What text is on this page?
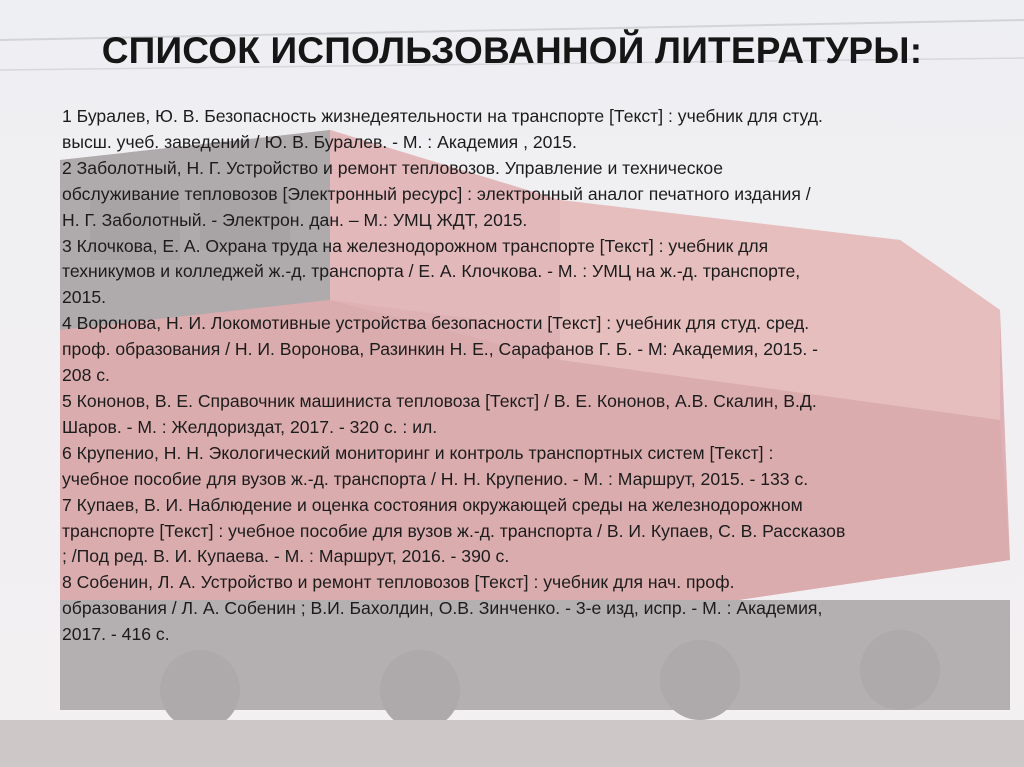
СПИСОК ИСПОЛЬЗОВАННОЙ ЛИТЕРАТУРЫ:
1 Буралев, Ю. В. Безопасность жизнедеятельности на транспорте [Текст] : учебник для студ.
высш. учеб. заведений / Ю. В. Буралев. - М. : Академия , 2015.
2 Заболотный, Н. Г. Устройство и ремонт тепловозов. Управление и техническое
обслуживание тепловозов [Электронный ресурс] : электронный аналог печатного издания /
Н. Г. Заболотный. - Электрон. дан. – М.: УМЦ ЖДТ, 2015.
3 Клочкова, Е. А. Охрана труда на железнодорожном транспорте [Текст] : учебник для
техникумов и колледжей ж.-д. транспорта / Е. А. Клочкова. - М. : УМЦ на ж.-д. транспорте,
2015.
4 Воронова, Н. И. Локомотивные устройства безопасности [Текст] : учебник для студ. сред.
проф. образования / Н. И. Воронова, Разинкин Н. Е., Сарафанов Г. Б. - М: Академия, 2015. -
208 с.
5 Кононов, В. Е. Справочник машиниста тепловоза [Текст] / В. Е. Кононов, А.В. Скалин, В.Д.
Шаров. - М. : Желдориздат, 2017. - 320 с. : ил.
6 Крупенио, Н. Н. Экологический мониторинг и контроль транспортных систем [Текст] :
учебное пособие для вузов ж.-д. транспорта / Н. Н. Крупенио. - М. : Маршрут, 2015. - 133 с.
7 Купаев, В. И. Наблюдение и оценка состояния окружающей среды на железнодорожном
транспорте [Текст] : учебное пособие для вузов ж.-д. транспорта / В. И. Купаев, С. В. Рассказов
; /Под ред. В. И. Купаева. - М. : Маршрут, 2016. - 390 с.
8 Собенин, Л. А. Устройство и ремонт тепловозов [Текст] : учебник для нач. проф.
образования / Л. А. Собенин ; В.И. Бахолдин, О.В. Зинченко. - 3-е изд, испр. - М. : Академия,
2017. - 416 с.
